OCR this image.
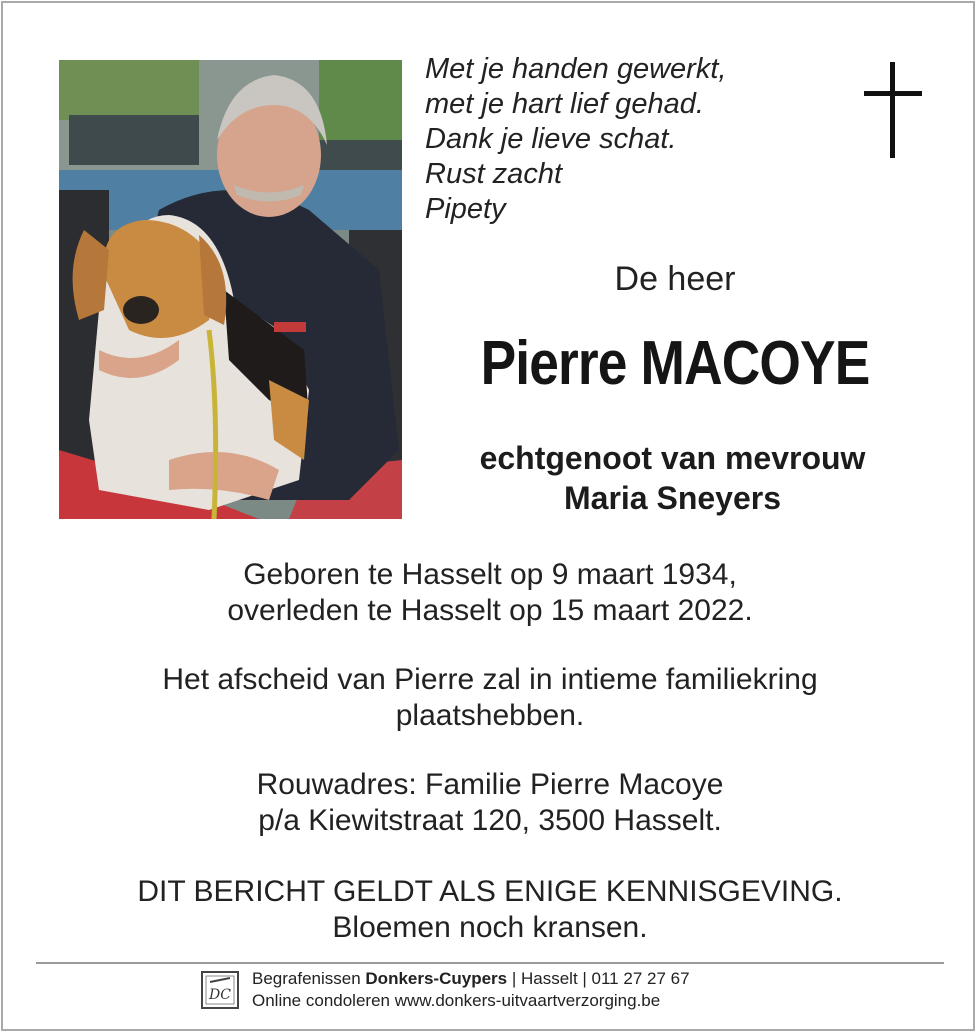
Met je handen gewerkt,
met je hart lief gehad.
Dank je lieve schat.
Rust zacht
Pipety
De heer
Pierre MACOYE
echtgenoot van mevrouw
Maria Sneyers
Geboren te Hasselt op 9 maart 1934,
overleden te Hasselt op 15 maart 2022.
Het afscheid van Pierre zal in intieme familiekring
plaatshebben.
Rouwadres: Familie Pierre Macoye
p/a Kiewitstraat 120, 3500 Hasselt.
DIT BERICHT GELDT ALS ENIGE KENNISGEVING.
Bloemen noch kransen.
DC
Begrafenissen Donkers-Cuypers | Hasselt | 011 27 27 67
Online condoleren www.donkers-uitvaartverzorging.be
